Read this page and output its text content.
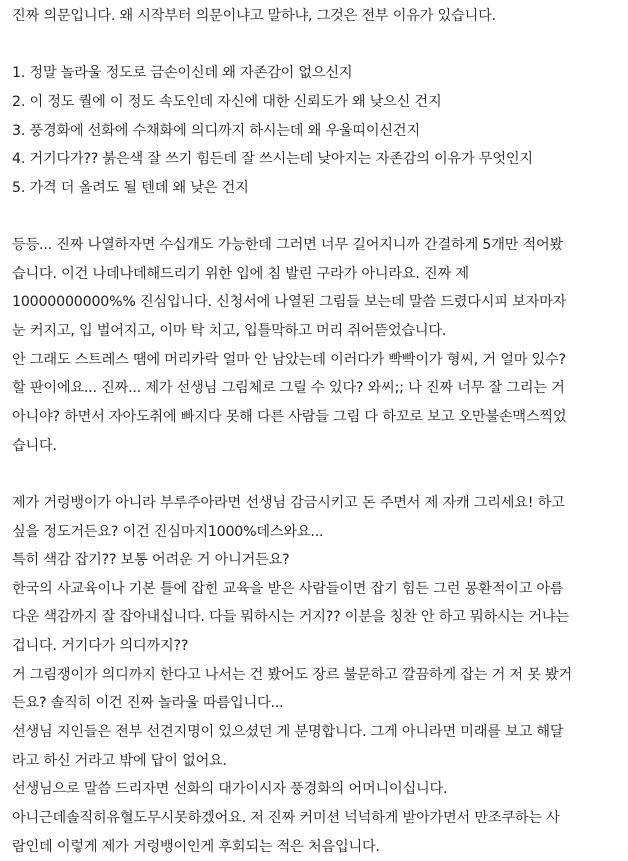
진짜 의문입니다. 왜 시작부터 의문이냐고 말하냐, 그것은 전부 이유가 있습니다.
1. 정말 놀라울 정도로 금손이신데 왜 자존감이 없으신지
2. 이 정도 퀄에 이 정도 속도인데 자신에 대한 신뢰도가 왜 낮으신 건지
3. 풍경화에 선화에 수채화에 의디까지 하시는데 왜 우울띠이신건지
4. 거기다가?? 붉은색 잘 쓰기 힘든데 잘 쓰시는데 낮아지는 자존감의 이유가 무엇인지
5. 가격 더 올려도 될 텐데 왜 낮은 건지
등등... 진짜 나열하자면 수십개도 가능한데 그러면 너무 길어지니까 간결하게 5개만 적어봤
습니다. 이건 나데나데해드리기 위한 입에 침 발린 구라가 아니라요. 진짜 제
10000000000%% 진심입니다. 신청서에 나열된 그림들 보는데 말씀 드렸다시피 보자마자
눈 커지고, 입 벌어지고, 이마 탁 치고, 입틀막하고 머리 쥐어뜯었습니다.
안 그래도 스트레스 땜에 머리카락 얼마 안 남았는데 이러다가 빡빡이가 형씨, 거 얼마 있수?
할 판이에요... 진짜... 제가 선생님 그림체로 그릴 수 있다? 와씨;; 나 진짜 너무 잘 그리는 거
아니야? 하면서 자아도취에 빠지다 못해 다른 사람들 그림 다 하꼬로 보고 오만불손맥스찍었
습니다.
제가 거렁뱅이가 아니라 부루주아라면 선생님 감금시키고 돈 주면서 제 자캐 그리세요! 하고
싶을 정도거든요? 이건 진심마지1000%데스와요...
특히 색감 잡기?? 보통 어려운 거 아니거든요?
한국의 사교육이나 기본 틀에 잡힌 교육을 받은 사람들이면 잡기 힘든 그런 몽환적이고 아름
다운 색감까지 잘 잡아내십니다. 다들 뭐하시는 거지?? 이분을 칭찬 안 하고 뭐하시는 거냐는
겁니다. 거기다가 의디까지??
거 그림쟁이가 의디까지 한다고 나서는 건 봤어도 장르 불문하고 깔끔하게 잡는 거 저 못 봤거
든요? 솔직히 이건 진짜 놀라울 따름입니다...
선생님 지인들은 전부 선견지명이 있으셨던 게 분명합니다. 그게 아니라면 미래를 보고 해달
라고 하신 거라고 밖에 답이 없어요.
선생님으로 말씀 드리자면 선화의 대가이시자 풍경화의 어머니이십니다.
아니근데솔직히유혈도무시못하겠어요. 저 진짜 커미션 넉넉하게 받아가면서 만조쿠하는 사
람인데 이렇게 제가 거렁뱅이인게 후회되는 적은 처음입니다.
